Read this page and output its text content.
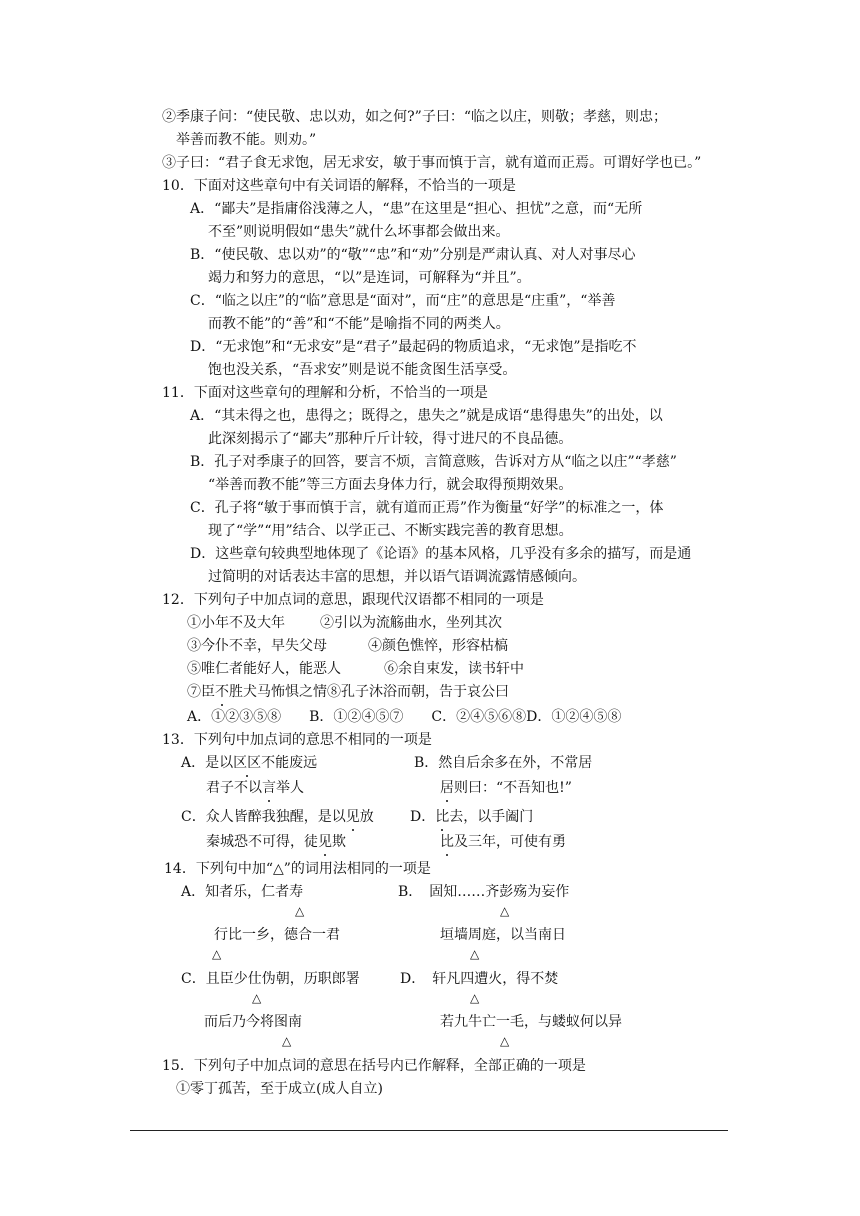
②季康子问：“使民敬、忠以劝，如之何?”子曰：“临之以庄，则敬；孝慈，则忠；
举善而教不能。则劝。”
③子曰：“君子食无求饱，居无求安，敏于事而慎于言，就有道而正焉。可谓好学也已。”
10．下面对这些章句中有关词语的解释，不恰当的一项是
A．“鄙夫”是指庸俗浅薄之人，“患”在这里是“担心、担忧”之意，而“无所
不至”则说明假如“患失”就什么坏事都会做出来。
B．“使民敬、忠以劝”的“敬”“忠”和“劝”分别是严肃认真、对人对事尽心
竭力和努力的意思，“以”是连词，可解释为“并且”。
C．“临之以庄”的“临”意思是“面对”，而“庄”的意思是“庄重”，“举善
而教不能”的“善”和“不能”是喻指不同的两类人。
D．“无求饱”和“无求安”是“君子”最起码的物质追求，“无求饱”是指吃不
饱也没关系，“吾求安”则是说不能贪图生活享受。
11．下面对这些章句的理解和分析，不恰当的一项是
A．“其未得之也，患得之；既得之，患失之”就是成语“患得患失”的出处，以
此深刻揭示了“鄙夫”那种斤斤计较，得寸进尺的不良品德。
B．孔子对季康子的回答，要言不烦，言简意赅，告诉对方从“临之以庄”“孝慈”
“举善而教不能”等三方面去身体力行，就会取得预期效果。
C．孔子将“敏于事而慎于言，就有道而正焉”作为衡量“好学”的标准之一，体
现了“学”“用”结合、以学正己、不断实践完善的教育思想。
D．这些章句较典型地体现了《论语》的基本风格，几乎没有多余的描写，而是通
过简明的对话表达丰富的思想，并以语气语调流露情感倾向。
12．下列句子中加点词的意思，跟现代汉语都不相同的一项是
①小年不及大年	②引以为流觞曲水，坐列其次
③今仆不幸，早失父母	④颜色憔悴，形容枯槁
⑤唯仁者能好人，能恶人	⑥余自束发，读书轩中
⑦臣不胜犬马怖惧之情⑧孔子沐浴而朝，告于哀公曰
A．①②③⑤⑧　　B．①②④⑤⑦　　C．②④⑤⑥⑧D．①②④⑤⑧
13．下列句中加点词的意思不相同的一项是
A．是以区区不能废远
君子不以言举人
B．然自后余多在外，不常居
居则曰：“不吾知也!”
C．众人皆醉我独醒，是以见放
秦城恐不可得，徒见欺
D．比去，以手阖门
比及三年，可使有勇
14．下列句中加“△”的词用法相同的一项是
A．知者乐，仁者寿
△
行比一乡，德合一君
△
B．　固知……齐彭殇为妄作
△
垣墙周庭，以当南日
△
C．且臣少仕伪朝，历职郎署
△
而后乃今将图南
△
D．　轩凡四遭火，得不焚
△
若九牛亡一毛，与蝼蚁何以异
△
15．下列句子中加点词的意思在括号内已作解释，全部正确的一项是
①零丁孤苦，至于成立(成人自立)
